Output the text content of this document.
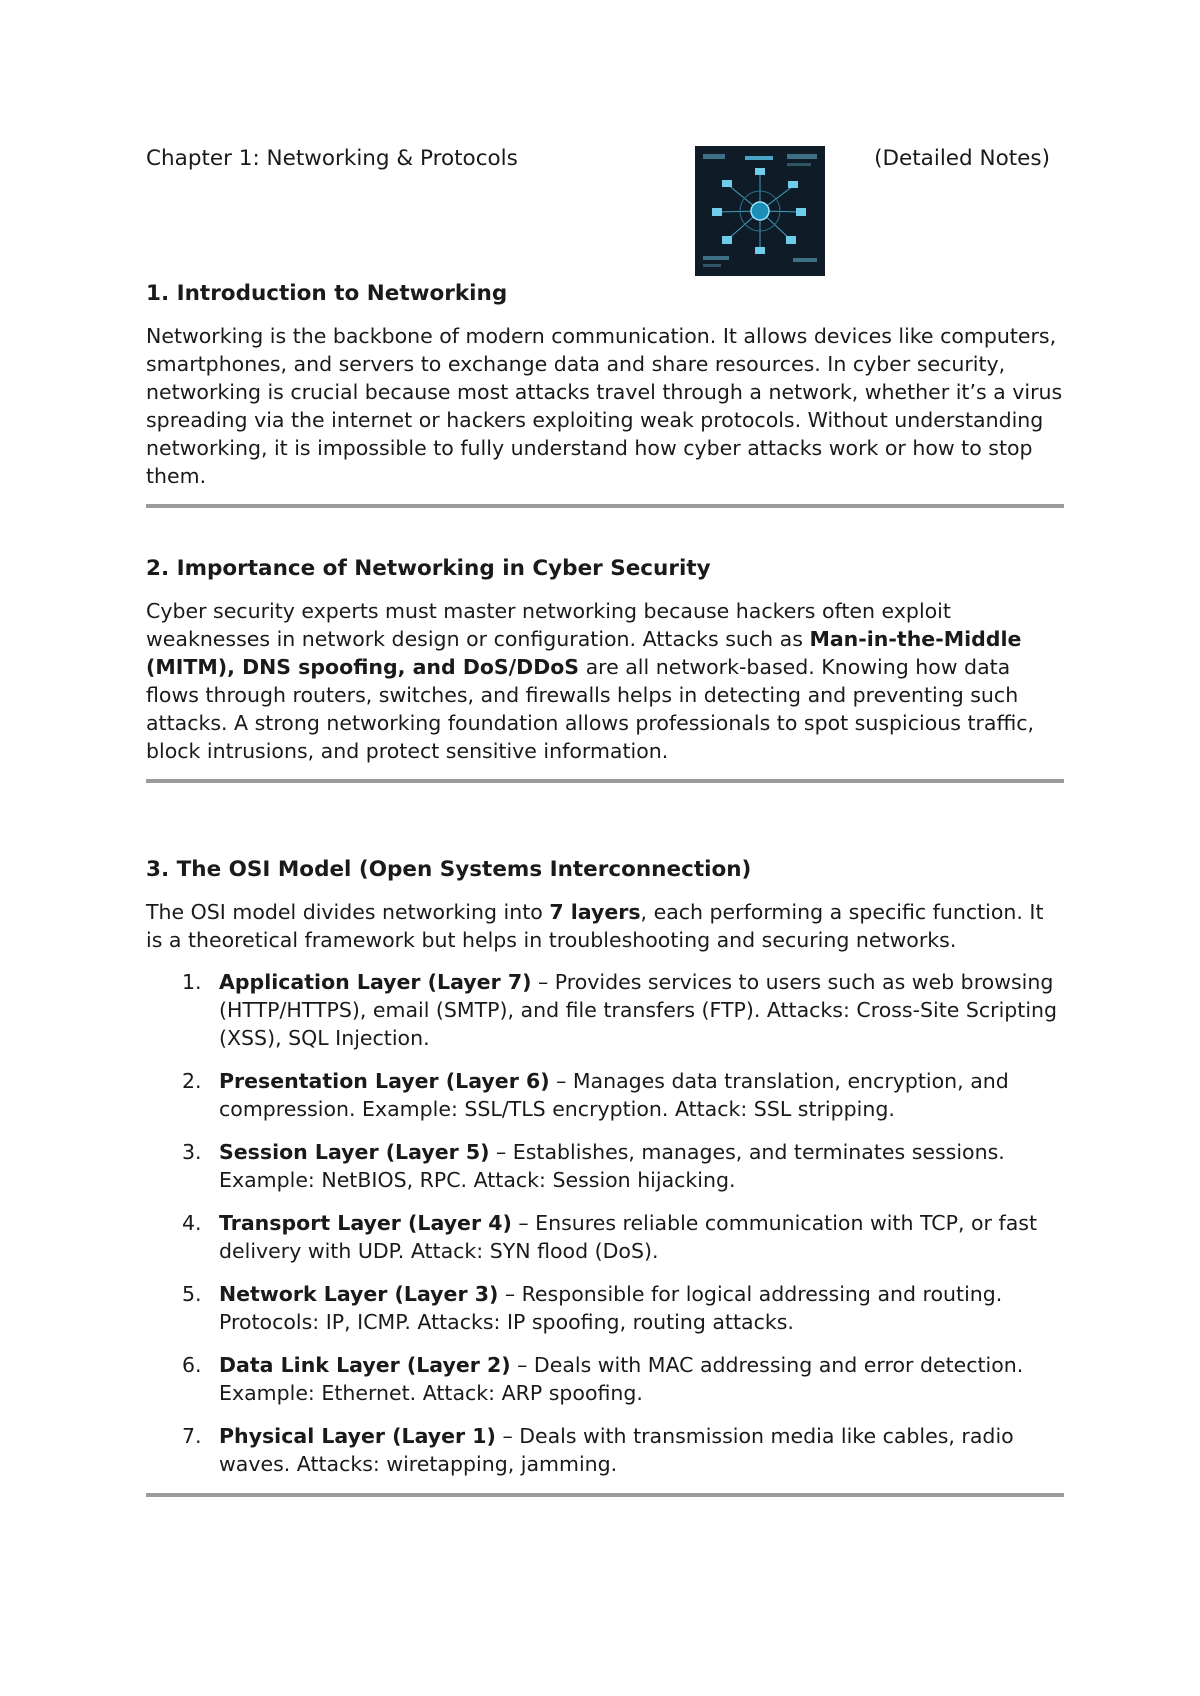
Chapter 1: Networking & Protocols	(Detailed Notes)
1. Introduction to Networking

Networking is the backbone of modern communication. It allows devices like computers, smartphones, and servers to exchange data and share resources. In cyber security, networking is crucial because most attacks travel through a network, whether it’s a virus spreading via the internet or hackers exploiting weak protocols. Without understanding networking, it is impossible to fully understand how cyber attacks work or how to stop them.

2. Importance of Networking in Cyber Security

Cyber security experts must master networking because hackers often exploit weaknesses in network design or configuration. Attacks such as Man-in-the-Middle (MITM), DNS spoofing, and DoS/DDoS are all network-based. Knowing how data flows through routers, switches, and firewalls helps in detecting and preventing such attacks. A strong networking foundation allows professionals to spot suspicious traffic, block intrusions, and protect sensitive information.

3. The OSI Model (Open Systems Interconnection)

The OSI model divides networking into 7 layers, each performing a specific function. It is a theoretical framework but helps in troubleshooting and securing networks.

1. Application Layer (Layer 7) – Provides services to users such as web browsing (HTTP/HTTPS), email (SMTP), and file transfers (FTP). Attacks: Cross-Site Scripting (XSS), SQL Injection.
2. Presentation Layer (Layer 6) – Manages data translation, encryption, and compression. Example: SSL/TLS encryption. Attack: SSL stripping.
3. Session Layer (Layer 5) – Establishes, manages, and terminates sessions. Example: NetBIOS, RPC. Attack: Session hijacking.
4. Transport Layer (Layer 4) – Ensures reliable communication with TCP, or fast delivery with UDP. Attack: SYN flood (DoS).
5. Network Layer (Layer 3) – Responsible for logical addressing and routing. Protocols: IP, ICMP. Attacks: IP spoofing, routing attacks.
6. Data Link Layer (Layer 2) – Deals with MAC addressing and error detection. Example: Ethernet. Attack: ARP spoofing.
7. Physical Layer (Layer 1) – Deals with transmission media like cables, radio waves. Attacks: wiretapping, jamming.
